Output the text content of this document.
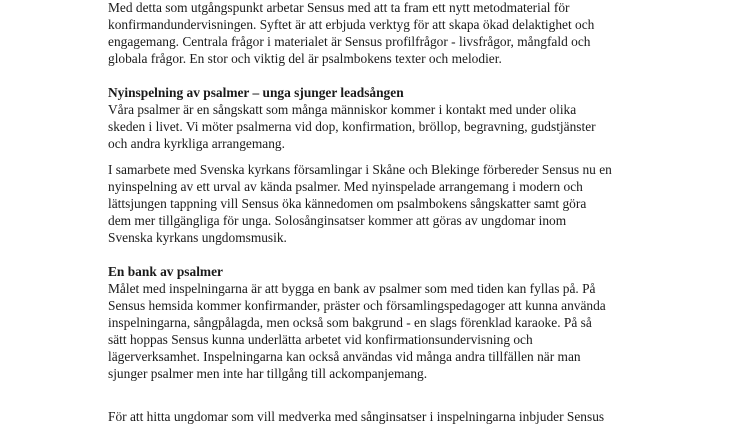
Med detta som utgångspunkt arbetar Sensus med att ta fram ett nytt metodmaterial för
konfirmandundervisningen. Syftet är att erbjuda verktyg för att skapa ökad delaktighet och
engagemang. Centrala frågor i materialet är Sensus profilfrågor - livsfrågor, mångfald och
globala frågor. En stor och viktig del är psalmbokens texter och melodier.

Nyinspelning av psalmer – unga sjunger leadsången

Våra psalmer är en sångskatt som många människor kommer i kontakt med under olika
skeden i livet. Vi möter psalmerna vid dop, konfirmation, bröllop, begravning, gudstjänster
och andra kyrkliga arrangemang.

I samarbete med Svenska kyrkans församlingar i Skåne och Blekinge förbereder Sensus nu en
nyinspelning av ett urval av kända psalmer. Med nyinspelade arrangemang i modern och
lättsjungen tappning vill Sensus öka kännedomen om psalmbokens sångskatter samt göra
dem mer tillgängliga för unga. Solosånginsatser kommer att göras av ungdomar inom
Svenska kyrkans ungdomsmusik.

En bank av psalmer

Målet med inspelningarna är att bygga en bank av psalmer som med tiden kan fyllas på. På
Sensus hemsida kommer konfirmander, präster och församlingspedagoger att kunna använda
inspelningarna, sångpålagda, men också som bakgrund - en slags förenklad karaoke. På så
sätt hoppas Sensus kunna underlätta arbetet vid konfirmationsundervisning och
lägerverksamhet. Inspelningarna kan också användas vid många andra tillfällen när man
sjunger psalmer men inte har tillgång till ackompanjemang.

För att hitta ungdomar som vill medverka med sånginsatser i inspelningarna inbjuder Sensus
